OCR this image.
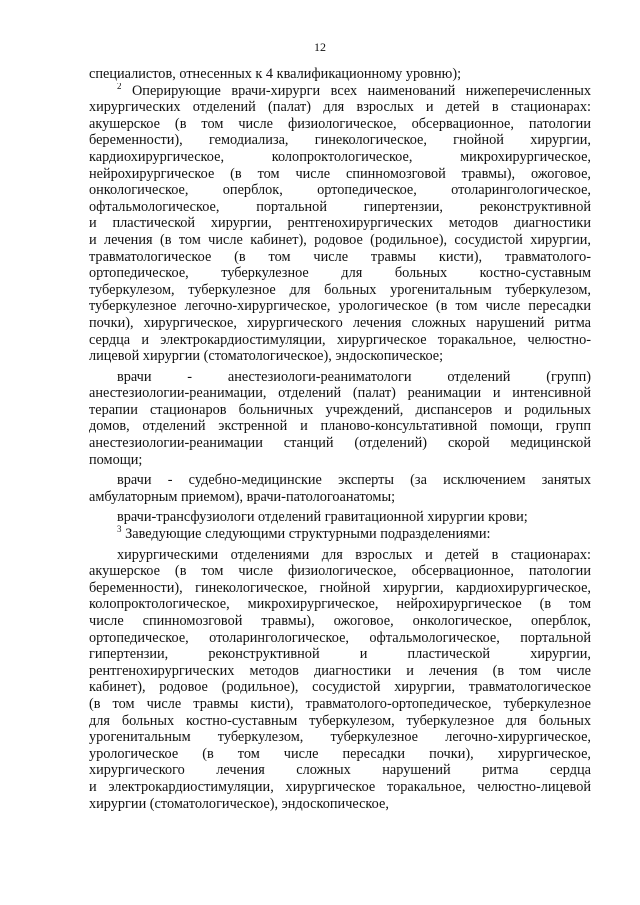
12
специалистов, отнесенных к 4 квалификационному уровню);
$^2$ Оперирующие врачи-хирурги всех наименований нижеперечисленных
хирургических отделений (палат) для взрослых и детей в стационарах:
акушерское (в том числе физиологическое, обсервационное, патологии
беременности), гемодиализа, гинекологическое, гнойной хирургии,
кардиохирургическое, колопроктологическое, микрохирургическое,
нейрохирургическое (в том числе спинномозговой травмы), ожоговое,
онкологическое, оперблок, ортопедическое, отоларингологическое,
офтальмологическое, портальной гипертензии, реконструктивной
и пластической хирургии, рентгенохирургических методов диагностики
и лечения (в том числе кабинет), родовое (родильное), сосудистой хирургии,
травматологическое (в том числе травмы кисти), травматолого-
ортопедическое, туберкулезное для больных костно-суставным
туберкулезом, туберкулезное для больных урогенитальным туберкулезом,
туберкулезное легочно-хирургическое, урологическое (в том числе пересадки
почки), хирургическое, хирургического лечения сложных нарушений ритма
сердца и электрокардиостимуляции, хирургическое торакальное, челюстно-
лицевой хирургии (стоматологическое), эндоскопическое;
врачи - анестезиологи-реаниматологи отделений (групп)
анестезиологии-реанимации, отделений (палат) реанимации и интенсивной
терапии стационаров больничных учреждений, диспансеров и родильных
домов, отделений экстренной и планово-консультативной помощи, групп
анестезиологии-реанимации станций (отделений) скорой медицинской
помощи;
врачи - судебно-медицинские эксперты (за исключением занятых
амбулаторным приемом), врачи-патологоанатомы;
врачи-трансфузиологи отделений гравитационной хирургии крови;
$^3$ Заведующие следующими структурными подразделениями:
хирургическими отделениями для взрослых и детей в стационарах:
акушерское (в том числе физиологическое, обсервационное, патологии
беременности), гинекологическое, гнойной хирургии, кардиохирургическое,
колопроктологическое, микрохирургическое, нейрохирургическое (в том
числе спинномозговой травмы), ожоговое, онкологическое, оперблок,
ортопедическое, отоларингологическое, офтальмологическое, портальной
гипертензии, реконструктивной и пластической хирургии,
рентгенохирургических методов диагностики и лечения (в том числе
кабинет), родовое (родильное), сосудистой хирургии, травматологическое
(в том числе травмы кисти), травматолого-ортопедическое, туберкулезное
для больных костно-суставным туберкулезом, туберкулезное для больных
урогенитальным туберкулезом, туберкулезное легочно-хирургическое,
урологическое (в том числе пересадки почки), хирургическое,
хирургического лечения сложных нарушений ритма сердца
и электрокардиостимуляции, хирургическое торакальное, челюстно-лицевой
хирургии (стоматологическое), эндоскопическое,
